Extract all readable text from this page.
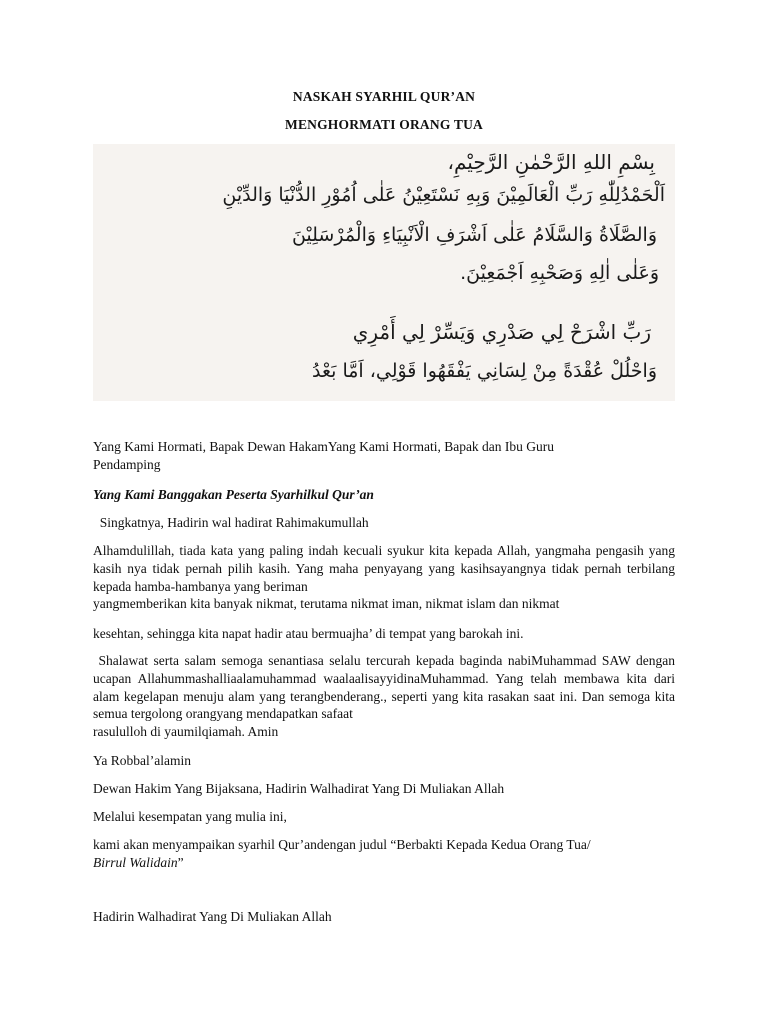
NASKAH SYARHIL QUR’AN
MENGHORMATI ORANG TUA
بِسْمِ اللهِ الرَّحْمٰنِ الرَّحِيْمِ،
اَلْحَمْدُلِلّٰهِ رَبِّ الْعَالَمِيْنَ وَبِهِ نَسْتَعِيْنُ عَلٰى اُمُوْرِ الدُّنْيَا وَالدِّيْنِ
وَالصَّلَاةُ وَالسَّلَامُ عَلٰى اَشْرَفِ الْاَنْبِيَاءِ وَالْمُرْسَلِيْنَ
وَعَلٰى اٰلِهِ وَصَحْبِهِ اَجْمَعِيْنَ.
رَبِّ اشْرَحْ لِي صَدْرِي وَيَسِّرْ لِي أَمْرِي
وَاحْلُلْ عُقْدَةً مِنْ لِسَانِي يَفْقَهُوا قَوْلِي، اَمَّا بَعْدُ
Yang Kami Hormati, Bapak Dewan HakamYang Kami Hormati, Bapak dan Ibu Guru
Pendamping
Yang Kami Banggakan Peserta Syarhilkul Qur’an
Singkatnya, Hadirin wal hadirat Rahimakumullah
Alhamdulillah, tiada kata yang paling indah kecuali syukur kita kepada Allah, yangmaha pengasih yang kasih nya tidak pernah pilih kasih. Yang maha penyayang yang kasihsayangnya tidak pernah terbilang kepada hamba-hambanya yang beriman
yangmemberikan kita banyak nikmat, terutama nikmat iman, nikmat islam dan nikmat
kesehtan, sehingga kita napat hadir atau bermuajha’ di tempat yang barokah ini.
Shalawat serta salam semoga senantiasa selalu tercurah kepada baginda nabiMuhammad SAW dengan ucapan Allahummashalliaalamuhammad waalaalisayyidinaMuhammad. Yang telah membawa kita dari alam kegelapan menuju alam yang terangbenderang., seperti yang kita rasakan saat ini. Dan semoga kita semua tergolong orangyang mendapatkan safaat
rasululloh di yaumilqiamah. Amin
Ya Robbal’alamin
Dewan Hakim Yang Bijaksana, Hadirin Walhadirat Yang Di Muliakan Allah
Melalui kesempatan yang mulia ini,
kami akan menyampaikan syarhil Qur’andengan judul “Berbakti Kepada Kedua Orang Tua/
Birrul Walidain”
Hadirin Walhadirat Yang Di Muliakan Allah
